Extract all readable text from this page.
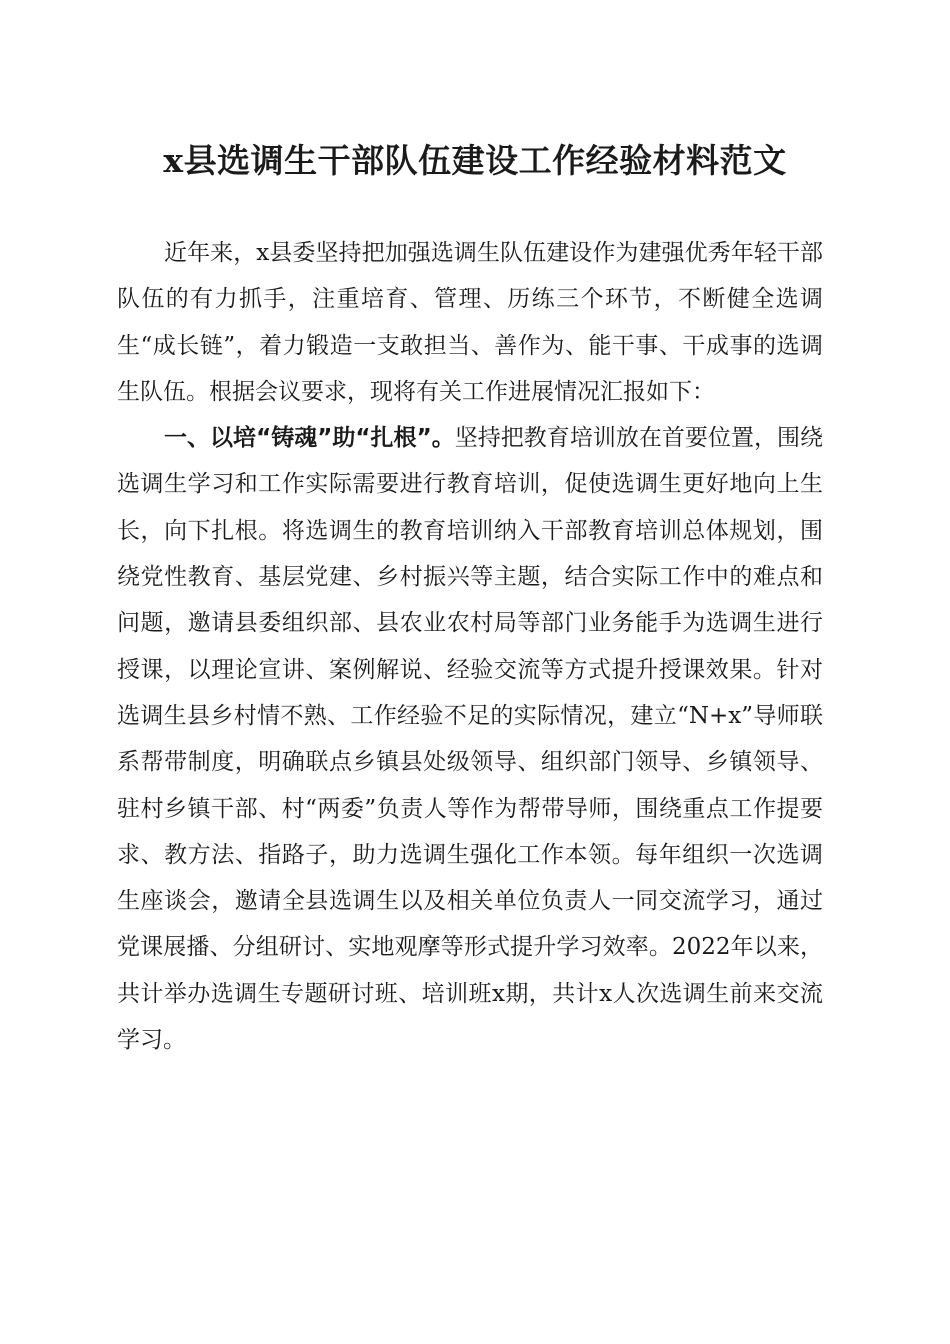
x县选调生干部队伍建设工作经验材料范文

近年来，x县委坚持把加强选调生队伍建设作为建强优秀年轻干部队伍的有力抓手，注重培育、管理、历练三个环节，不断健全选调生“成长链”，着力锻造一支敢担当、善作为、能干事、干成事的选调生队伍。根据会议要求，现将有关工作进展情况汇报如下：

一、以培“铸魂”助“扎根”。坚持把教育培训放在首要位置，围绕选调生学习和工作实际需要进行教育培训，促使选调生更好地向上生长，向下扎根。将选调生的教育培训纳入干部教育培训总体规划，围绕党性教育、基层党建、乡村振兴等主题，结合实际工作中的难点和问题，邀请县委组织部、县农业农村局等部门业务能手为选调生进行授课，以理论宣讲、案例解说、经验交流等方式提升授课效果。针对选调生县乡村情不熟、工作经验不足的实际情况，建立“N+x”导师联系帮带制度，明确联点乡镇县处级领导、组织部门领导、乡镇领导、驻村乡镇干部、村“两委”负责人等作为帮带导师，围绕重点工作提要求、教方法、指路子，助力选调生强化工作本领。每年组织一次选调生座谈会，邀请全县选调生以及相关单位负责人一同交流学习，通过党课展播、分组研讨、实地观摩等形式提升学习效率。2022年以来，共计举办选调生专题研讨班、培训班x期，共计x人次选调生前来交流学习。
